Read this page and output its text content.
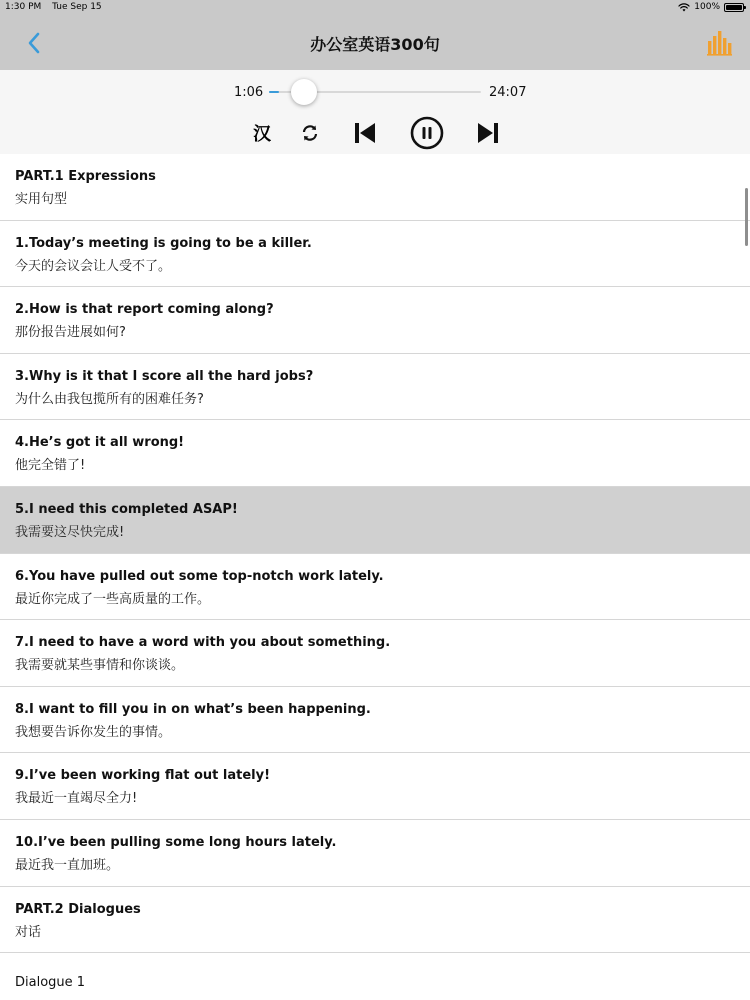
1:30 PM Tue Sep 15	100%
办公室英语300句
1:06	24:07
汉
PART.1 Expressions
实用句型
1.Today’s meeting is going to be a killer.
今天的会议会让人受不了。
2.How is that report coming along?
那份报告进展如何?
3.Why is it that I score all the hard jobs?
为什么由我包揽所有的困难任务?
4.He’s got it all wrong!
他完全错了!
5.I need this completed ASAP!
我需要这尽快完成!
6.You have pulled out some top-notch work lately.
最近你完成了一些高质量的工作。
7.I need to have a word with you about something.
我需要就某些事情和你谈谈。
8.I want to fill you in on what’s been happening.
我想要告诉你发生的事情。
9.I’ve been working flat out lately!
我最近一直竭尽全力!
10.I’ve been pulling some long hours lately.
最近我一直加班。
PART.2 Dialogues
对话
Dialogue 1
